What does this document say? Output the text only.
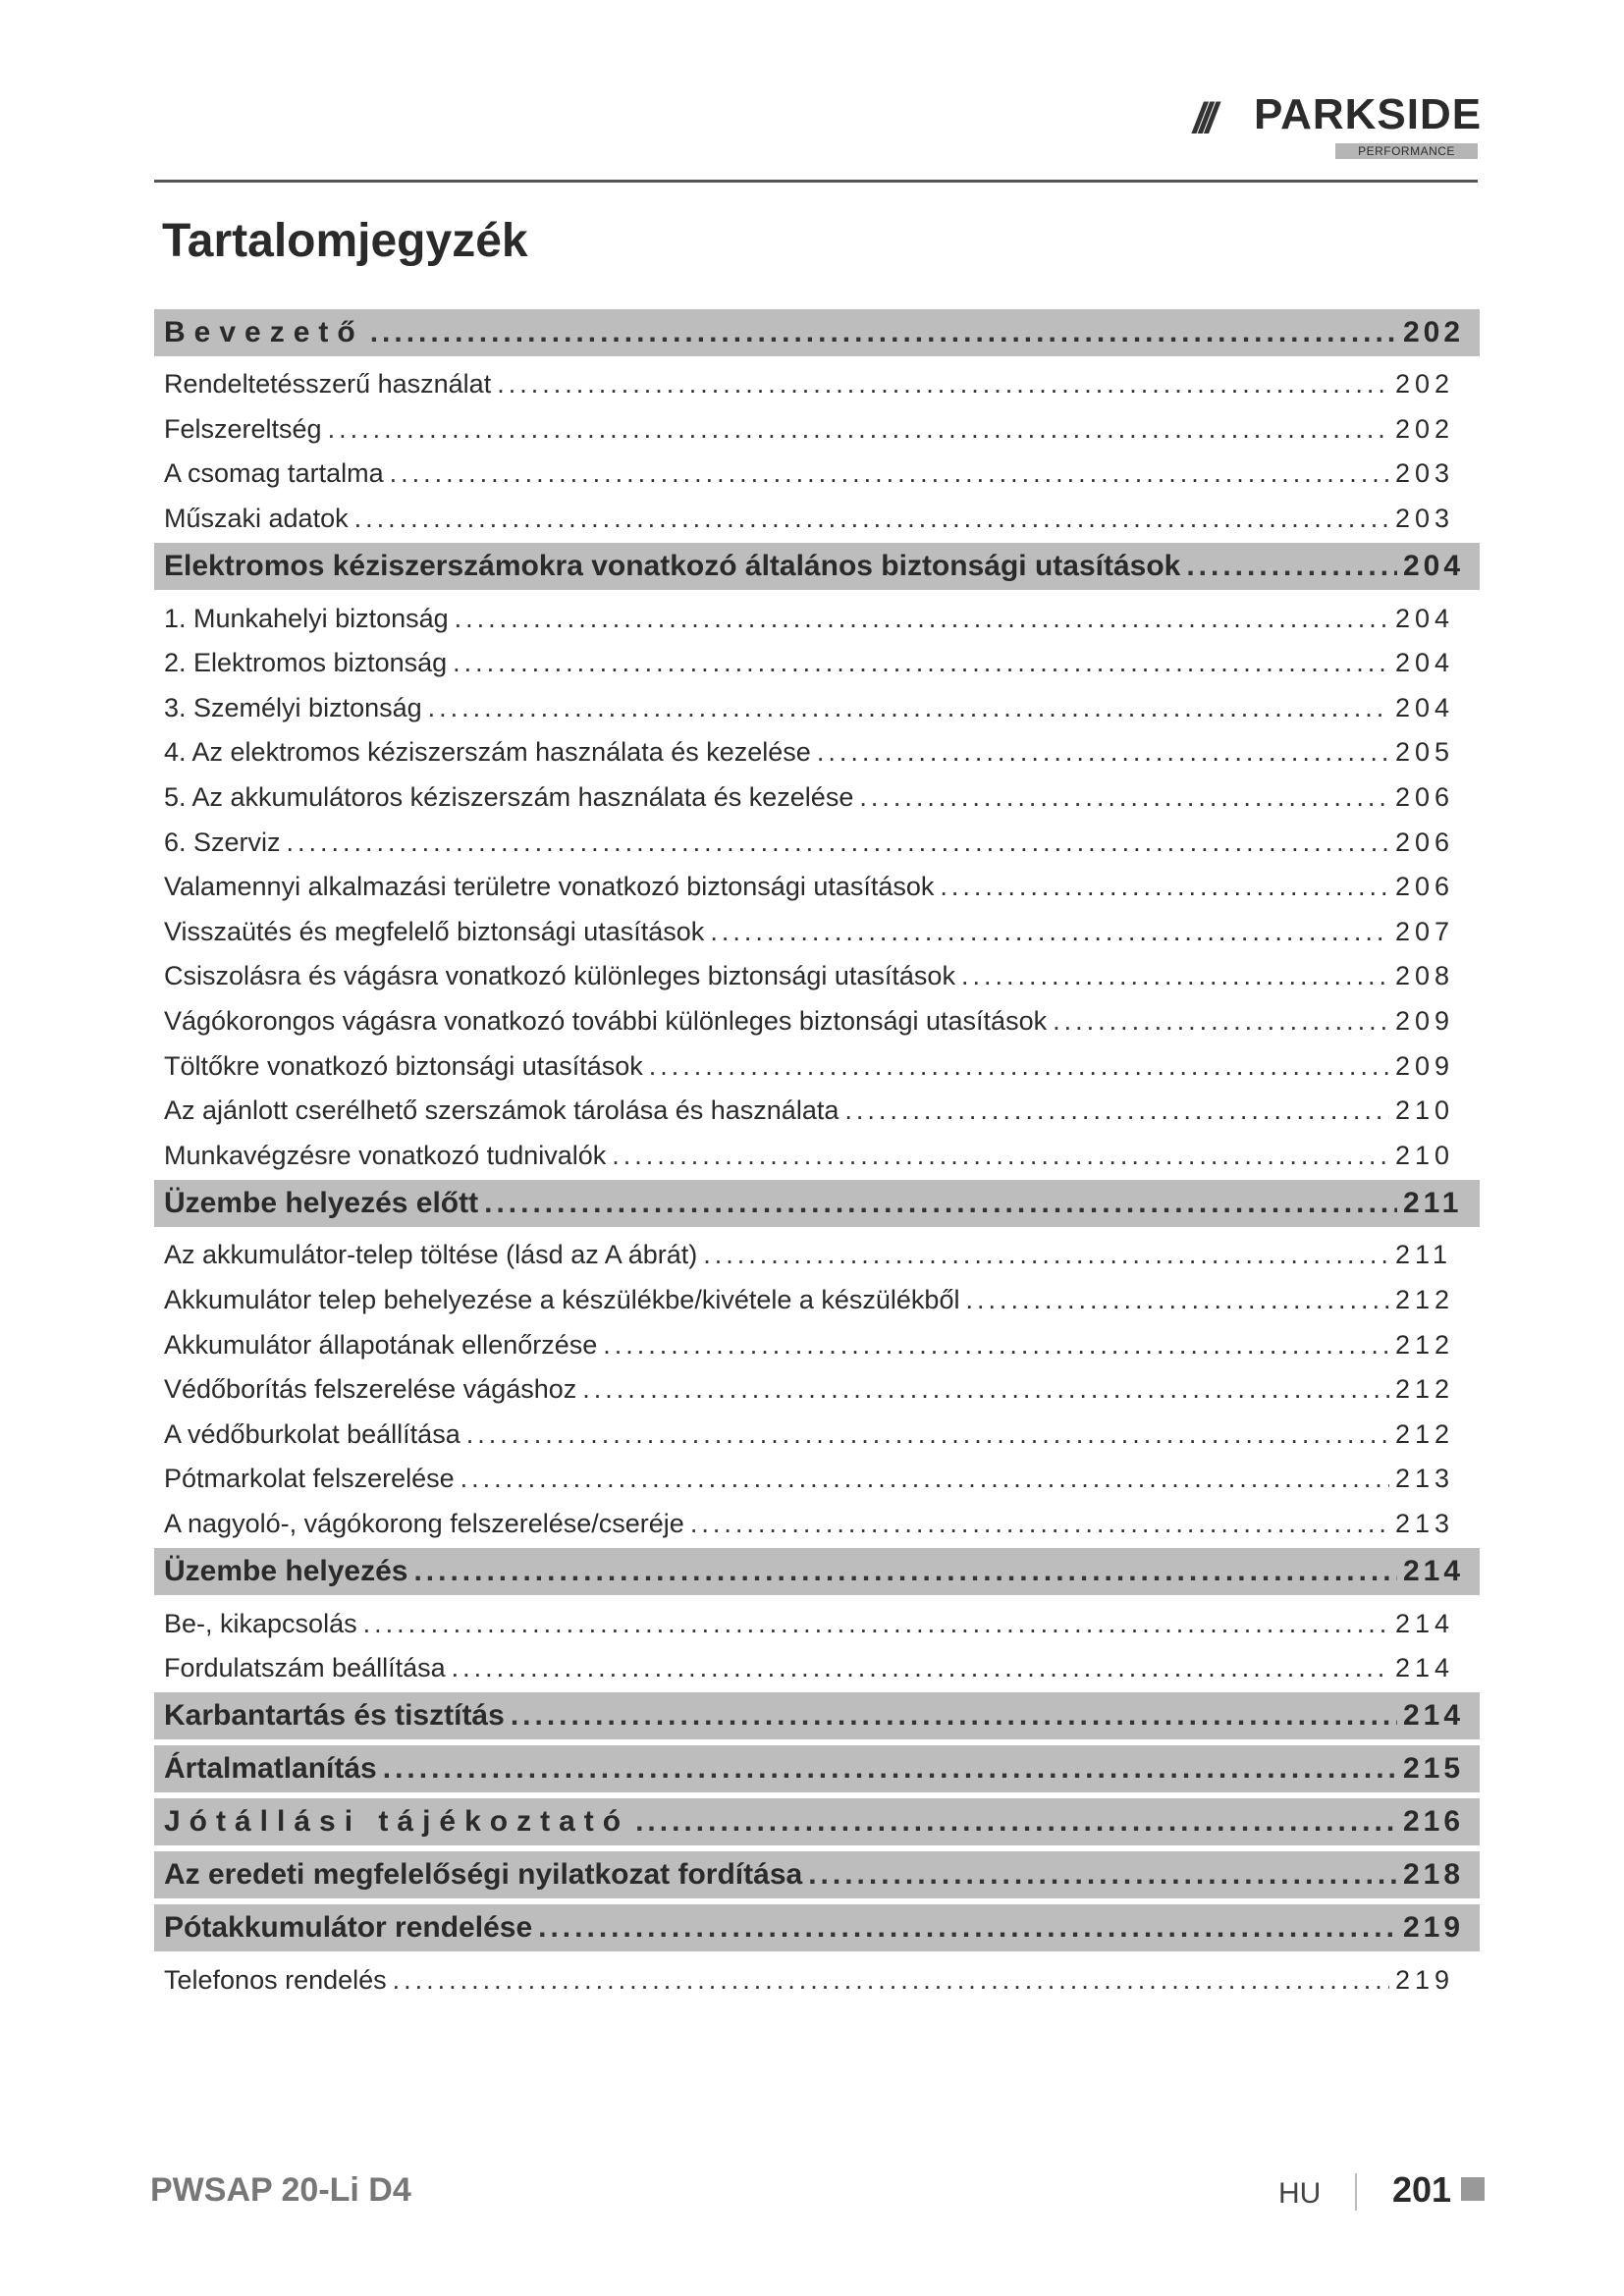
/// PARKSIDE
PERFORMANCE
Tartalomjegyzék
Bevezető .....	202
Rendeltetésszerű használat .....	202
Felszereltség .....	202
A csomag tartalma .....	203
Műszaki adatok .....	203
Elektromos kéziszerszámokra vonatkozó általános biztonsági utasítások .....	204
1. Munkahelyi biztonság .....	204
2. Elektromos biztonság .....	204
3. Személyi biztonság .....	204
4. Az elektromos kéziszerszám használata és kezelése .....	205
5. Az akkumulátoros kéziszerszám használata és kezelése .....	206
6. Szerviz .....	206
Valamennyi alkalmazási területre vonatkozó biztonsági utasítások .....	206
Visszaütés és megfelelő biztonsági utasítások .....	207
Csiszolásra és vágásra vonatkozó különleges biztonsági utasítások .....	208
Vágókorongos vágásra vonatkozó további különleges biztonsági utasítások .....	209
Töltőkre vonatkozó biztonsági utasítások .....	209
Az ajánlott cserélhető szerszámok tárolása és használata .....	210
Munkavégzésre vonatkozó tudnivalók .....	210
Üzembe helyezés előtt .....	211
Az akkumulátor-telep töltése (lásd az A ábrát) .....	211
Akkumulátor telep behelyezése a készülékbe/kivétele a készülékből .....	212
Akkumulátor állapotának ellenőrzése .....	212
Védőborítás felszerelése vágáshoz .....	212
A védőburkolat beállítása .....	212
Pótmarkolat felszerelése .....	213
A nagyoló-, vágókorong felszerelése/cseréje .....	213
Üzembe helyezés .....	214
Be-, kikapcsolás .....	214
Fordulatszám beállítása .....	214
Karbantartás és tisztítás .....	214
Ártalmatlanítás .....	215
Jótállási tájékoztató .....	216
Az eredeti megfelelőségi nyilatkozat fordítása .....	218
Pótakkumulátor rendelése .....	219
Telefonos rendelés .....	219
PWSAP 20-Li D4	HU 201
